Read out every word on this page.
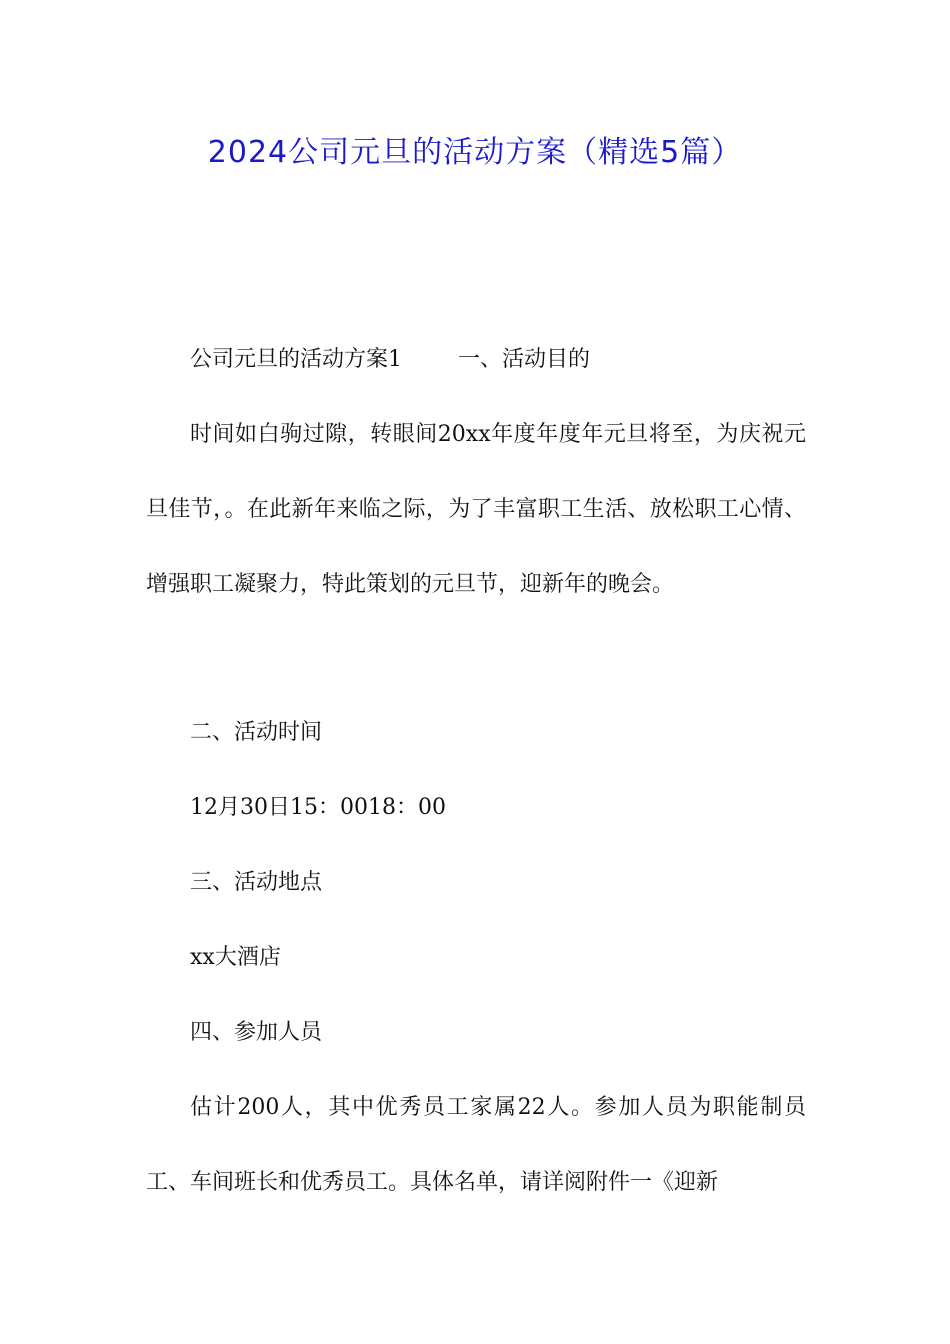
2024公司元旦的活动方案（精选5篇）
公司元旦的活动方案1	一、活动目的
时间如白驹过隙，转眼间20xx年度年度年元旦将至，为庆祝元旦佳节，。在此新年来临之际，为了丰富职工生活、放松职工心情、增强职工凝聚力，特此策划的元旦节，迎新年的晚会。
二、活动时间
12月30日15：0018：00
三、活动地点
xx大酒店
四、参加人员
估计200人，其中优秀员工家属22人。参加人员为职能制员工、车间班长和优秀员工。具体名单，请详阅附件一《迎新
